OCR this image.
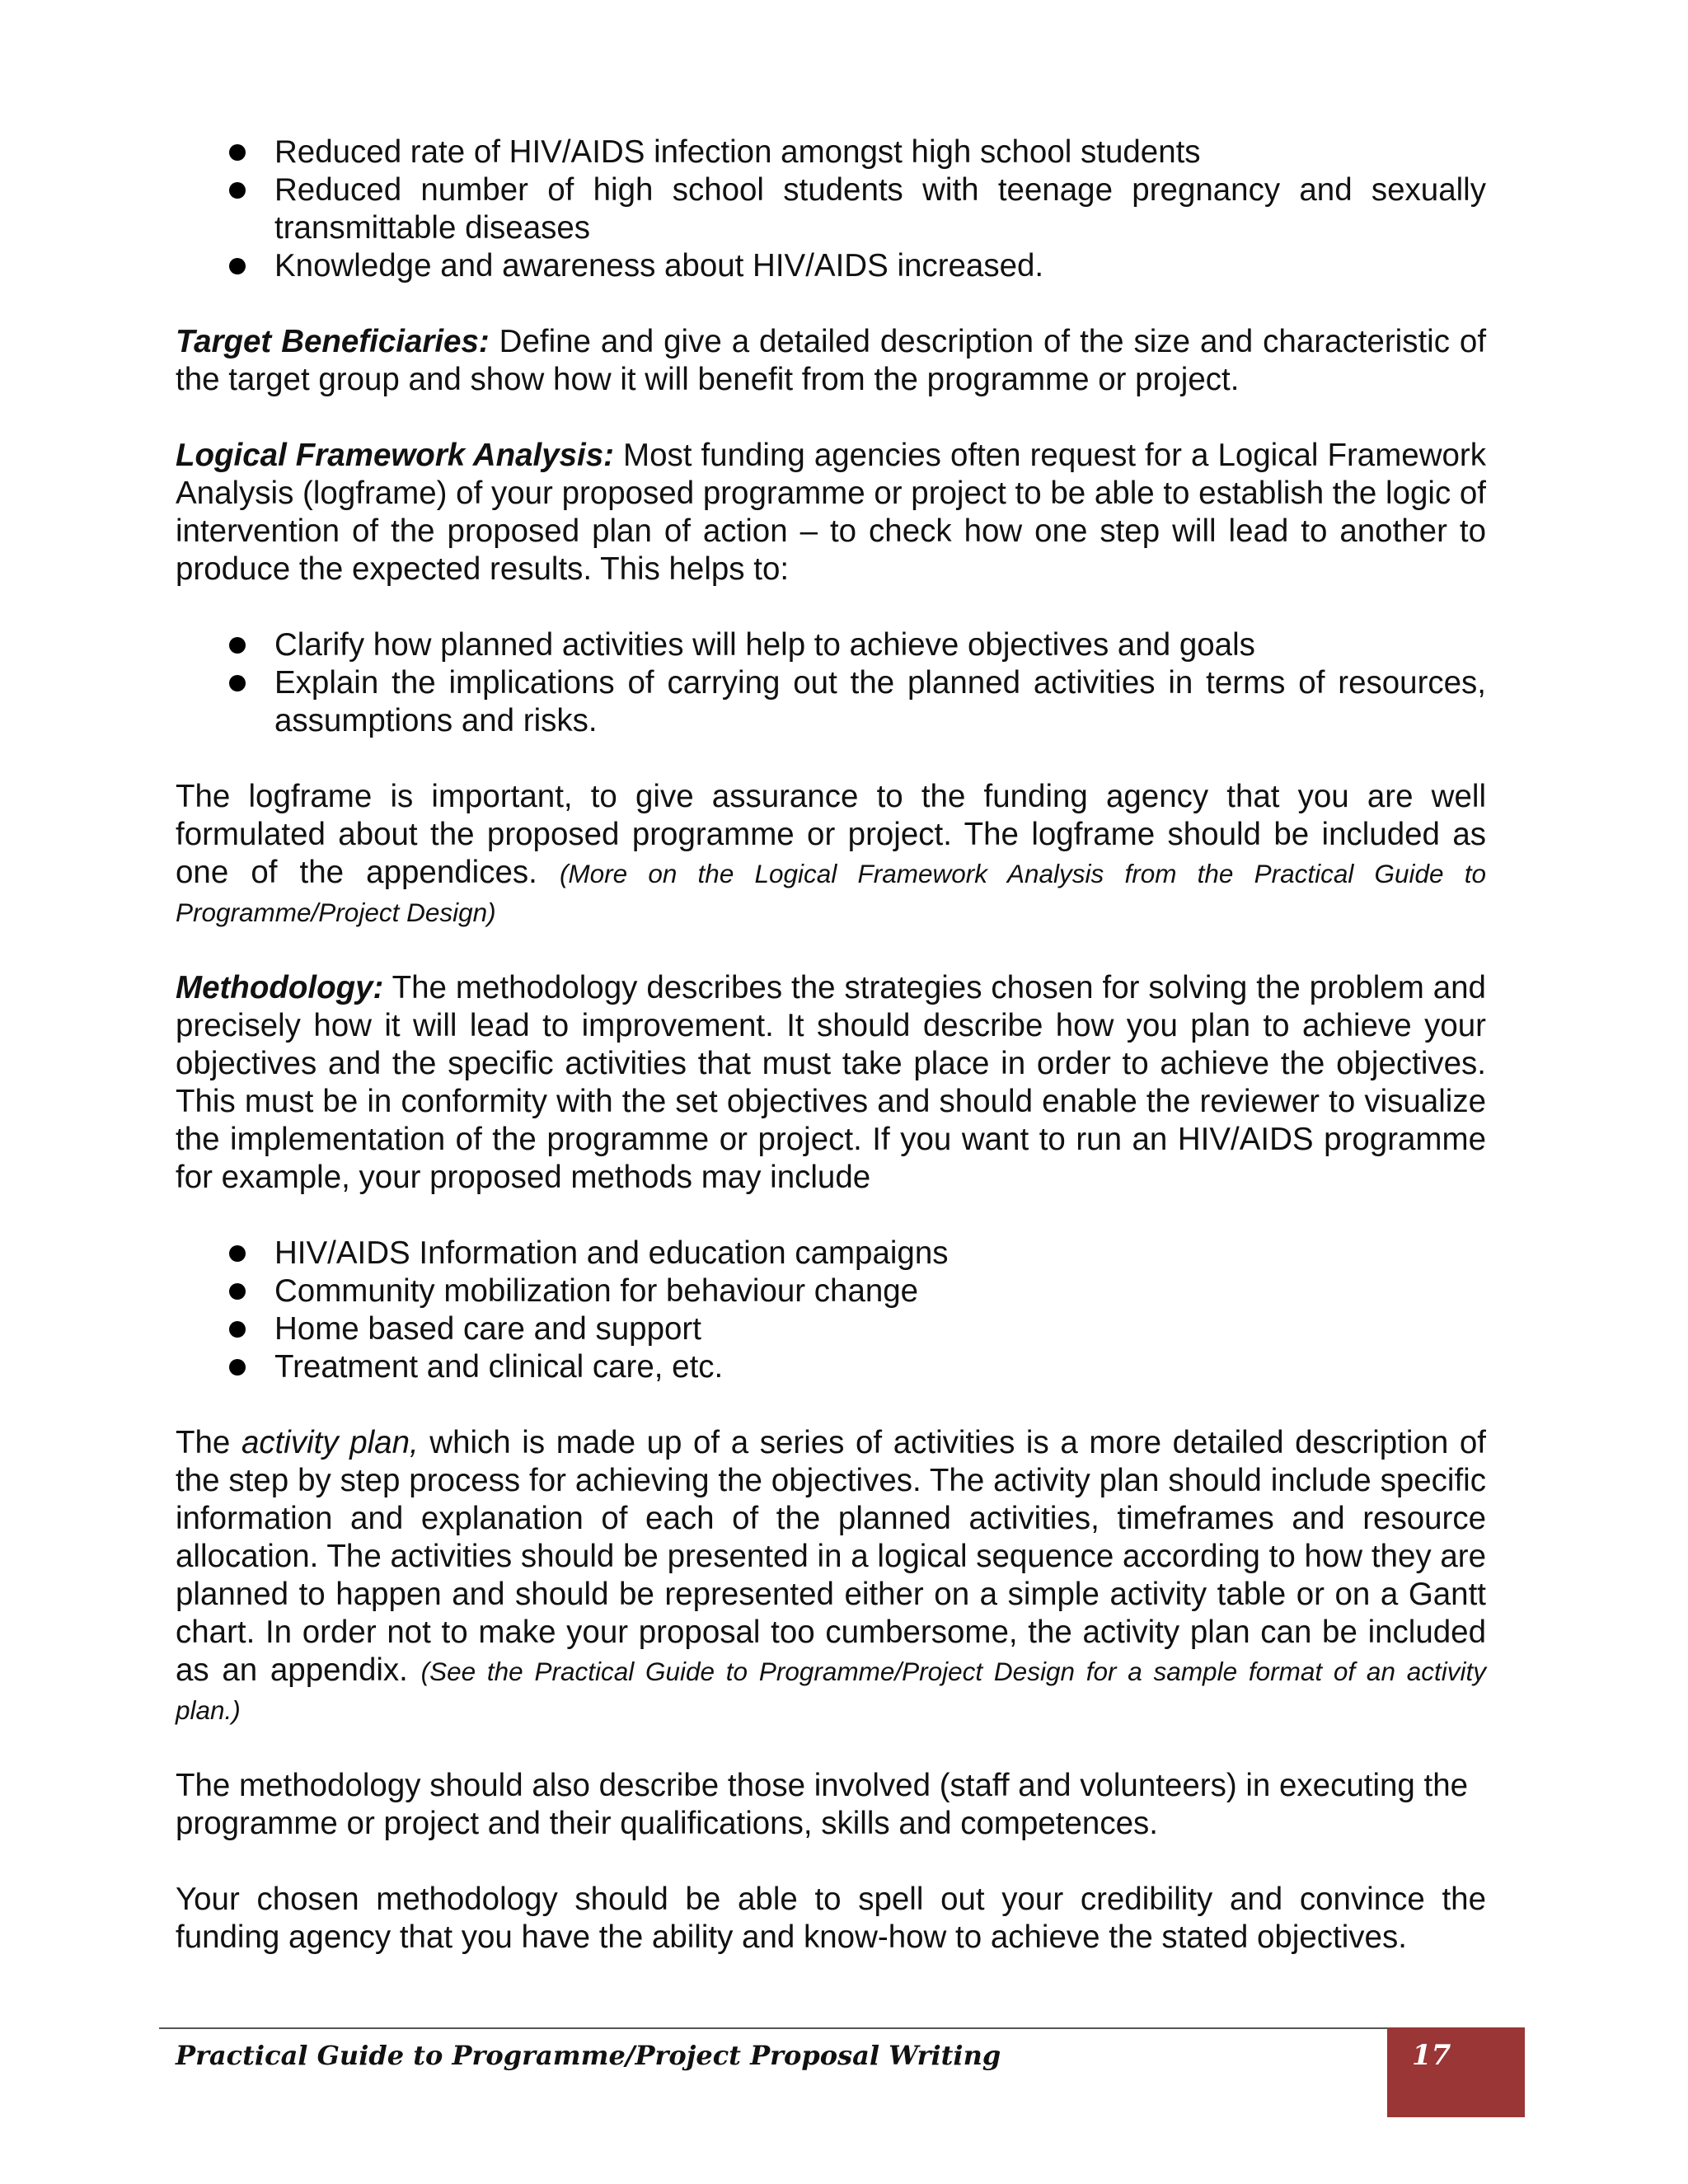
Reduced rate of HIV/AIDS infection amongst high school students
Reduced number of high school students with teenage pregnancy and sexually transmittable diseases
Knowledge and awareness about HIV/AIDS increased.

Target Beneficiaries: Define and give a detailed description of the size and characteristic of the target group and show how it will benefit from the programme or project.

Logical Framework Analysis: Most funding agencies often request for a Logical Framework Analysis (logframe) of your proposed programme or project to be able to establish the logic of intervention of the proposed plan of action – to check how one step will lead to another to produce the expected results. This helps to:

Clarify how planned activities will help to achieve objectives and goals
Explain the implications of carrying out the planned activities in terms of resources, assumptions and risks.

The logframe is important, to give assurance to the funding agency that you are well formulated about the proposed programme or project. The logframe should be included as one of the appendices. (More on the Logical Framework Analysis from the Practical Guide to Programme/Project Design)

Methodology: The methodology describes the strategies chosen for solving the problem and precisely how it will lead to improvement. It should describe how you plan to achieve your objectives and the specific activities that must take place in order to achieve the objectives. This must be in conformity with the set objectives and should enable the reviewer to visualize the implementation of the programme or project. If you want to run an HIV/AIDS programme for example, your proposed methods may include

HIV/AIDS Information and education campaigns
Community mobilization for behaviour change
Home based care and support
Treatment and clinical care, etc.

The activity plan, which is made up of a series of activities is a more detailed description of the step by step process for achieving the objectives. The activity plan should include specific information and explanation of each of the planned activities, timeframes and resource allocation. The activities should be presented in a logical sequence according to how they are planned to happen and should be represented either on a simple activity table or on a Gantt chart. In order not to make your proposal too cumbersome, the activity plan can be included as an appendix. (See the Practical Guide to Programme/Project Design for a sample format of an activity plan.)

The methodology should also describe those involved (staff and volunteers) in executing the programme or project and their qualifications, skills and competences.

Your chosen methodology should be able to spell out your credibility and convince the funding agency that you have the ability and know-how to achieve the stated objectives.

Practical Guide to Programme/Project Proposal Writing	17
